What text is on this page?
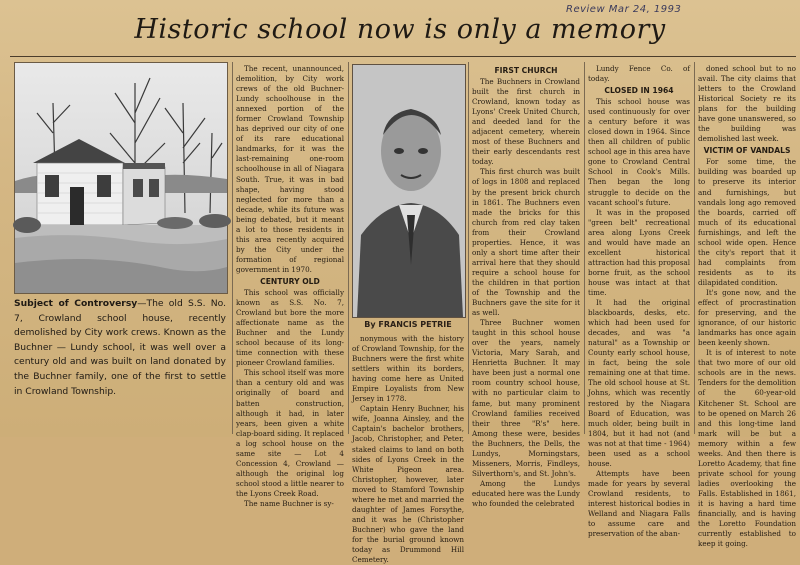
Review Mar 24, 1993
Historic school now is only a memory
Subject of Controversy—The old S.S. No. 7, Crowland school house, recently demolished by City work crews. Known as the Buchner — Lundy school, it was well over a century old and was built on land donated by the Buchner family, one of the first to settle in Crowland Township.

The recent, unannounced, demolition, by City work crews of the old Buchner-Lundy schoolhouse in the annexed portion of the former Crowland Township has deprived our city of one of its rare educational landmarks, for it was the last-remaining one-room schoolhouse in all of Niagara South. True, it was in bad shape, having stood neglected for more than a decade, while its future was being debated, but it meant a lot to those residents in this area recently acquired by the City under the formation of regional government in 1970.

CENTURY OLD

This school was officially known as S.S. No. 7, Crowland but bore the more affectionate name as the Buchner and the Lundy school because of its long-time connection with these pioneer Crowland families.

This school itself was more than a century old and was originally of board and batten construction, although it had, in later years, been given a white clap-board siding. It replaced a log school house on the same site — Lot 4 Concession 4, Crowland — although the original log school stood a little nearer to the Lyons Creek Road.

The name Buchner is sy-

By FRANCIS PETRIE

nonymous with the history of Crowland Township, for the Buchners were the first white settlers within its borders, having come here as United Empire Loyalists from New Jersey in 1778.

Captain Henry Buchner, his wife, Joanna Ainsley, and the Captain's bachelor brothers, Jacob, Christopher, and Peter, staked claims to land on both sides of Lyons Creek in the White Pigeon area. Christopher, however, later moved to Stamford Township where he met and married the daughter of James Forsythe, and it was he (Christopher Buchner) who gave the land for the burial ground known today as Drummond Hill Cemetery.

FIRST CHURCH

The Buchners in Crowland built the first church in Crowland, known today as Lyons' Creek United Church, and deeded land for the adjacent cemetery, wherein most of these Buchners and their early descendants rest today.

This first church was built of logs in 1808 and replaced by the present brick church in 1861. The Buchners even made the bricks for this church from red clay taken from their Crowland properties. Hence, it was only a short time after their arrival here that they should require a school house for the children in that portion of the Township and the Buchners gave the site for it as well.

Three Buchner women taught in this school house over the years, namely Victoria, Mary Sarah, and Henrietta Buchner. It may have been just a normal one room country school house, with no particular claim to fame, but many prominent Crowland families received their three "R's" here. Among these were, besides the Buchners, the Dells, the Lundys, Morningstars, Misseners, Morris, Findleys, Silverthorn's, and St. John's.

Among the Lundys educated here was the Lundy who founded the celebrated

Lundy Fence Co. of today.

CLOSED IN 1964

This school house was used continuously for over a century before it was closed down in 1964. Since then all children of public school age in this area have gone to Crowland Central School in Cook's Mills. Then began the long struggle to decide on the vacant school's future.

It was in the proposed "green belt" recreational area along Lyons Creek and would have made an excellent historical attraction had this proposal borne fruit, as the school house was intact at that time.

It had the original blackboards, desks, etc. which had been used for decades, and was "a natural" as a Township or County early school house, in fact, being the sole remaining one at that time. The old school house at St. Johns, which was recently restored by the Niagara Board of Education, was much older, being built in 1804, but it had not (and was not at that time - 1964) been used as a school house.

Attempts have been made for years by several Crowland residents, to interest historical bodies in Welland and Niagara Falls to assume care and preservation of the aban-

doned school but to no avail. The city claims that letters to the Crowland Historical Society re its plans for the building have gone unanswered, so the building was demolished last week.

VICTIM OF VANDALS

For some time, the building was boarded up to preserve its interior and furnishings, but vandals long ago removed the boards, carried off much of its educational furnishings, and left the school wide open. Hence the city's report that it had complaints from residents as to its dilapidated condition.

It's gone now, and the effect of procrastination for preserving, and the ignorance, of our historic landmarks has once again been keenly shown.

It is of interest to note that two more of our old schools are in the news. Tenders for the demolition of the 60-year-old Kitchener St. School are to be opened on March 26 and this long-time land mark will be but a memory within a few weeks. And then there is Loretto Academy, that fine private school for young ladies overlooking the Falls. Established in 1861, it is having a hard time financially, and is having the Loretto Foundation currently established to keep it going.
